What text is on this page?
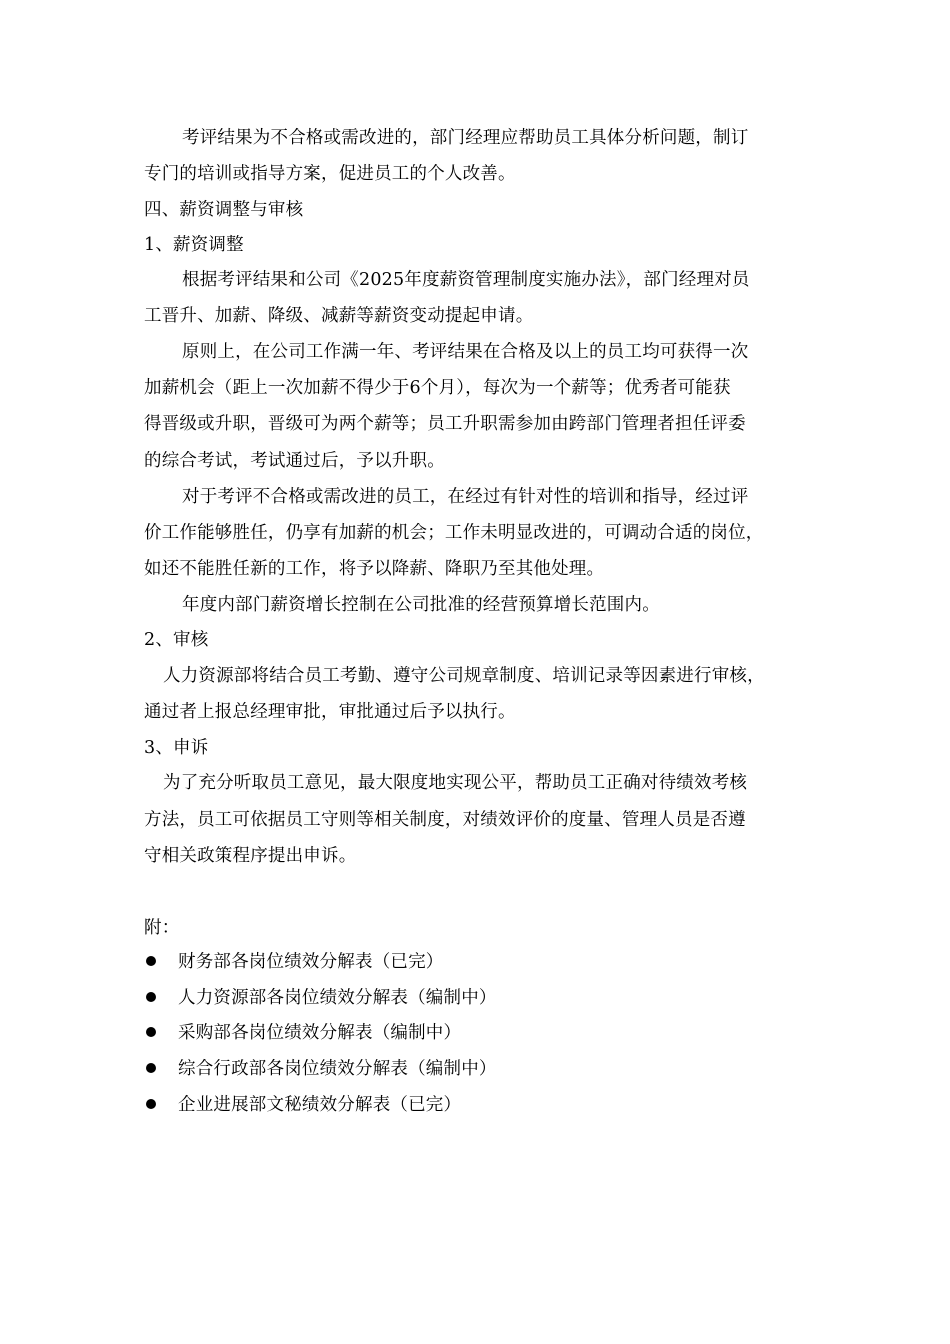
考评结果为不合格或需改进的，部门经理应帮助员工具体分析问题，制订
专门的培训或指导方案，促进员工的个人改善。
四、薪资调整与审核
1、薪资调整
根据考评结果和公司《2025年度薪资管理制度实施办法》，部门经理对员
工晋升、加薪、降级、减薪等薪资变动提起申请。
原则上，在公司工作满一年、考评结果在合格及以上的员工均可获得一次
加薪机会（距上一次加薪不得少于6个月），每次为一个薪等；优秀者可能获
得晋级或升职，晋级可为两个薪等；员工升职需参加由跨部门管理者担任评委
的综合考试，考试通过后，予以升职。
对于考评不合格或需改进的员工，在经过有针对性的培训和指导，经过评
价工作能够胜任，仍享有加薪的机会；工作未明显改进的，可调动合适的岗位，
如还不能胜任新的工作，将予以降薪、降职乃至其他处理。
年度内部门薪资增长控制在公司批准的经营预算增长范围内。
2、审核
人力资源部将结合员工考勤、遵守公司规章制度、培训记录等因素进行审核，
通过者上报总经理审批，审批通过后予以执行。
3、申诉
为了充分听取员工意见，最大限度地实现公平，帮助员工正确对待绩效考核
方法，员工可依据员工守则等相关制度，对绩效评价的度量、管理人员是否遵
守相关政策程序提出申诉。
附：
财务部各岗位绩效分解表（已完）
人力资源部各岗位绩效分解表（编制中）
采购部各岗位绩效分解表（编制中）
综合行政部各岗位绩效分解表（编制中）
企业进展部文秘绩效分解表（已完）
